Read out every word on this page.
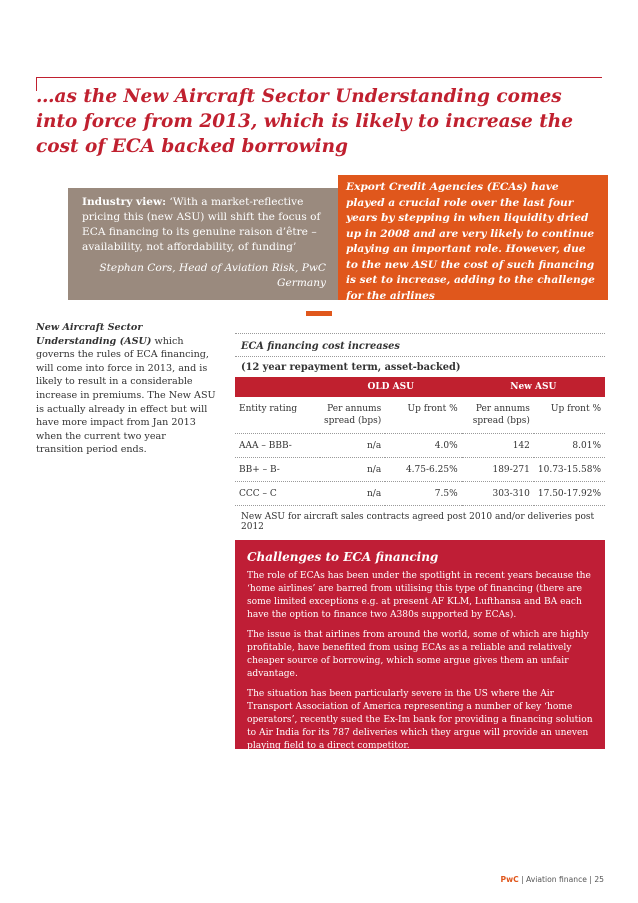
…as the New Aircraft Sector Understanding comes into force from 2013, which is likely to increase the cost of ECA backed borrowing
Industry view: ‘With a market-reflective pricing this (new ASU) will shift the focus of ECA financing to its genuine raison d’être – availability, not affordability, of funding’
Stephan Cors, Head of Aviation Risk, PwC Germany
Export Credit Agencies (ECAs) have played a crucial role over the last four years by stepping in when liquidity dried up in 2008 and are very likely to continue playing an important role. However, due to the new ASU the cost of such financing is set to increase, adding to the challenge for the airlines
New Aircraft Sector Understanding (ASU) which governs the rules of ECA financing, will come into force in 2013, and is likely to result in a considerable increase in premiums. The New ASU is actually already in effect but will have more impact from Jan 2013 when the current two year transition period ends.
ECA financing cost increases
(12 year repayment term, asset-backed)
	OLD ASU		New ASU	
Entity rating	Per annums spread (bps)	Up front %	Per annums spread (bps)	Up front %
AAA – BBB-	n/a	4.0%	142	8.01%
BB+ – B-	n/a	4.75-6.25%	189-271	10.73-15.58%
CCC – C	n/a	7.5%	303-310	17.50-17.92%
New ASU for aircraft sales contracts agreed post 2010 and/or deliveries post 2012
Challenges to ECA financing

The role of ECAs has been under the spotlight in recent years because the ‘home airlines’ are barred from utilising this type of financing (there are some limited exceptions e.g. at present AF KLM, Lufthansa and BA each have the option to finance two A380s supported by ECAs).

The issue is that airlines from around the world, some of which are highly profitable, have benefited from using ECAs as a reliable and relatively cheaper source of borrowing, which some argue gives them an unfair advantage.

The situation has been particularly severe in the US where the Air Transport Association of America representing a number of key ‘home operators’, recently sued the Ex-Im bank for providing a financing solution to Air India for its 787 deliveries which they argue will provide an uneven playing field to a direct competitor.

PwC | Aviation finance | 25
